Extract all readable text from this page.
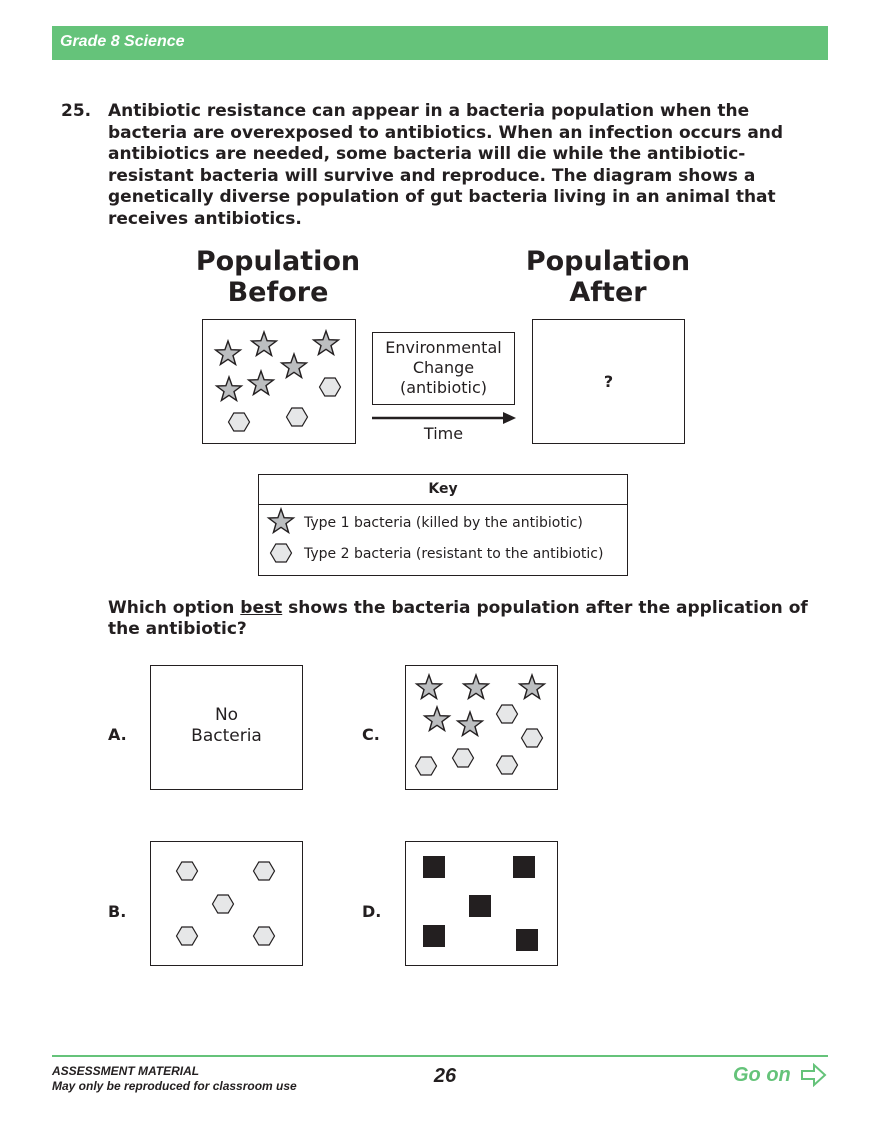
Grade 8 Science
25. Antibiotic resistance can appear in a bacteria population when the bacteria are overexposed to antibiotics. When an infection occurs and antibiotics are needed, some bacteria will die while the antibiotic-resistant bacteria will survive and reproduce. The diagram shows a genetically diverse population of gut bacteria living in an animal that receives antibiotics.
Population
Before
Population
After
?
Environmental
Change
(antibiotic)
Time
Key
Type 1 bacteria (killed by the antibiotic)
Type 2 bacteria (resistant to the antibiotic)
Which option best shows the bacteria population after the application of the antibiotic?
A.
No
Bacteria	C.
B.	D.
ASSESSMENT MATERIAL
May only be reproduced for classroom use	26	Go on
